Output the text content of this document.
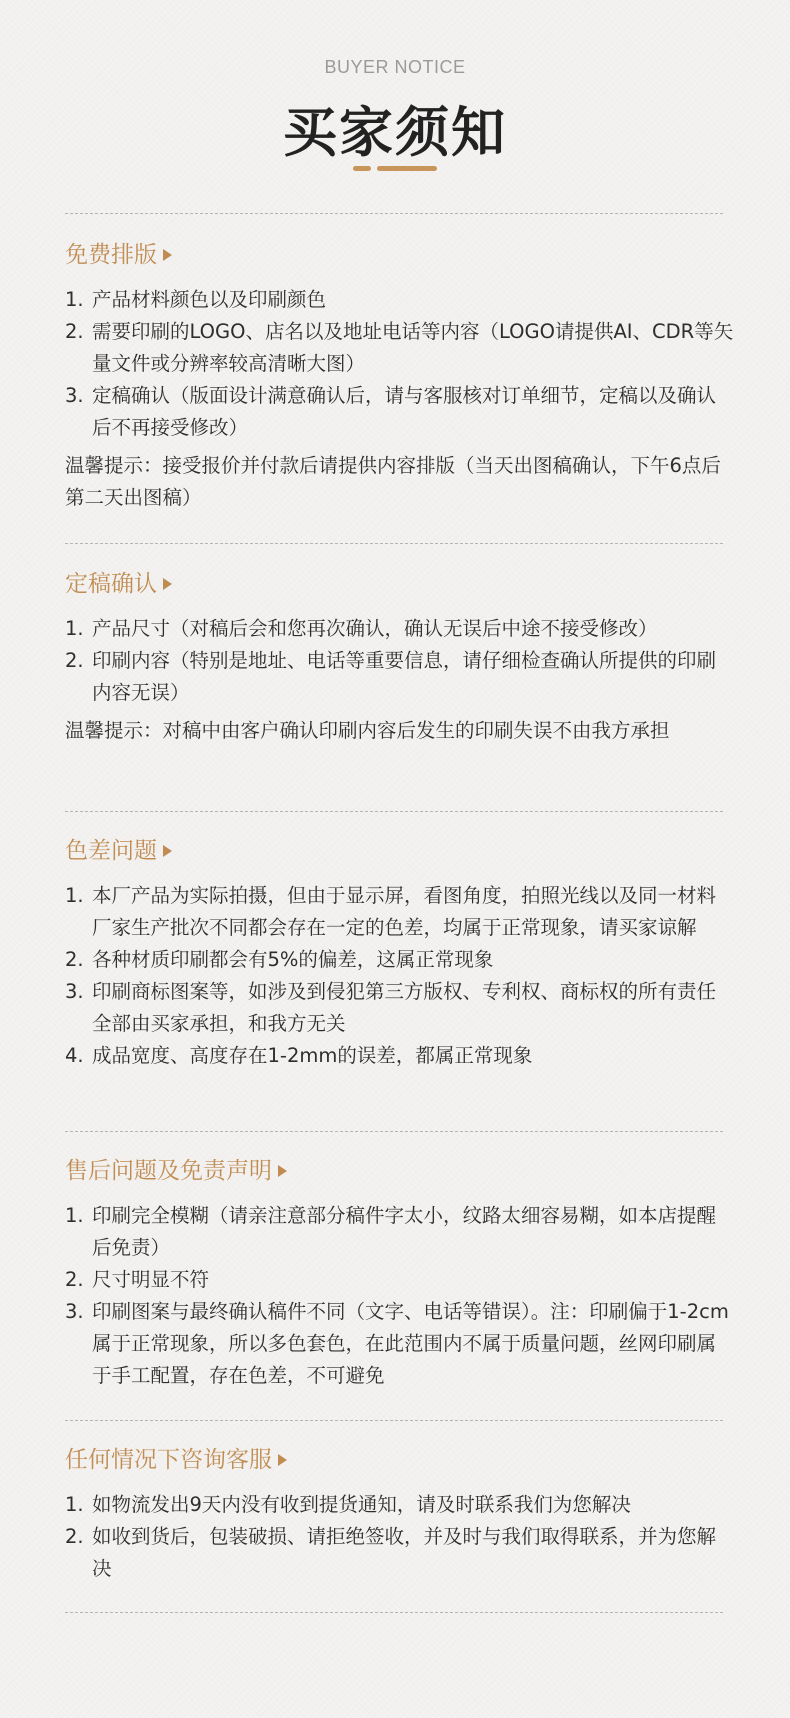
BUYER NOTICE
买家须知
免费排版
1. 产品材料颜色以及印刷颜色
2. 需要印刷的LOGO、店名以及地址电话等内容（LOGO请提供AI、CDR等矢量文件或分辨率较高清晰大图）
3. 定稿确认（版面设计满意确认后，请与客服核对订单细节，定稿以及确认后不再接受修改）
温馨提示：接受报价并付款后请提供内容排版（当天出图稿确认，下午6点后第二天出图稿）
定稿确认
1. 产品尺寸（对稿后会和您再次确认，确认无误后中途不接受修改）
2. 印刷内容（特别是地址、电话等重要信息，请仔细检查确认所提供的印刷内容无误）
温馨提示：对稿中由客户确认印刷内容后发生的印刷失误不由我方承担
色差问题
1. 本厂产品为实际拍摄，但由于显示屏，看图角度，拍照光线以及同一材料厂家生产批次不同都会存在一定的色差，均属于正常现象，请买家谅解
2. 各种材质印刷都会有5%的偏差，这属正常现象
3. 印刷商标图案等，如涉及到侵犯第三方版权、专利权、商标权的所有责任全部由买家承担，和我方无关
4. 成品宽度、高度存在1-2mm的误差，都属正常现象
售后问题及免责声明
1. 印刷完全模糊（请亲注意部分稿件字太小，纹路太细容易糊，如本店提醒后免责）
2. 尺寸明显不符
3. 印刷图案与最终确认稿件不同（文字、电话等错误）。注：印刷偏于1-2cm属于正常现象，所以多色套色，在此范围内不属于质量问题，丝网印刷属于手工配置，存在色差，不可避免
任何情况下咨询客服
1. 如物流发出9天内没有收到提货通知，请及时联系我们为您解决
2. 如收到货后，包装破损、请拒绝签收，并及时与我们取得联系，并为您解决
